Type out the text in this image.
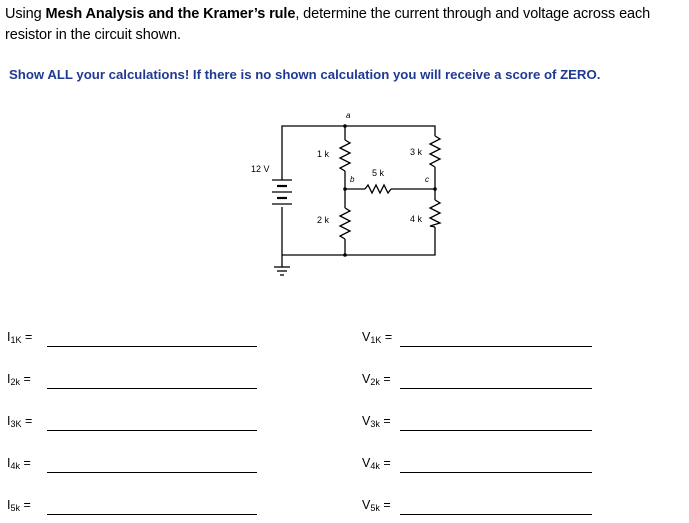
Using Mesh Analysis and the Kramer’s rule, determine the current through and voltage across each resistor in the circuit shown.
Show ALL your calculations! If there is no shown calculation you will receive a score of ZERO.
12 V
1 k
2 k
3 k
4 k
5 k
a
b	c
$I_{1K}$ =
$I_{2k}$ =
$I_{3K}$ =
$I_{4k}$ =
$I_{5k}$ =
$V_{1K}$ =
$V_{2k}$ =
$V_{3k}$ =
$V_{4k}$ =
$V_{5k}$ =
